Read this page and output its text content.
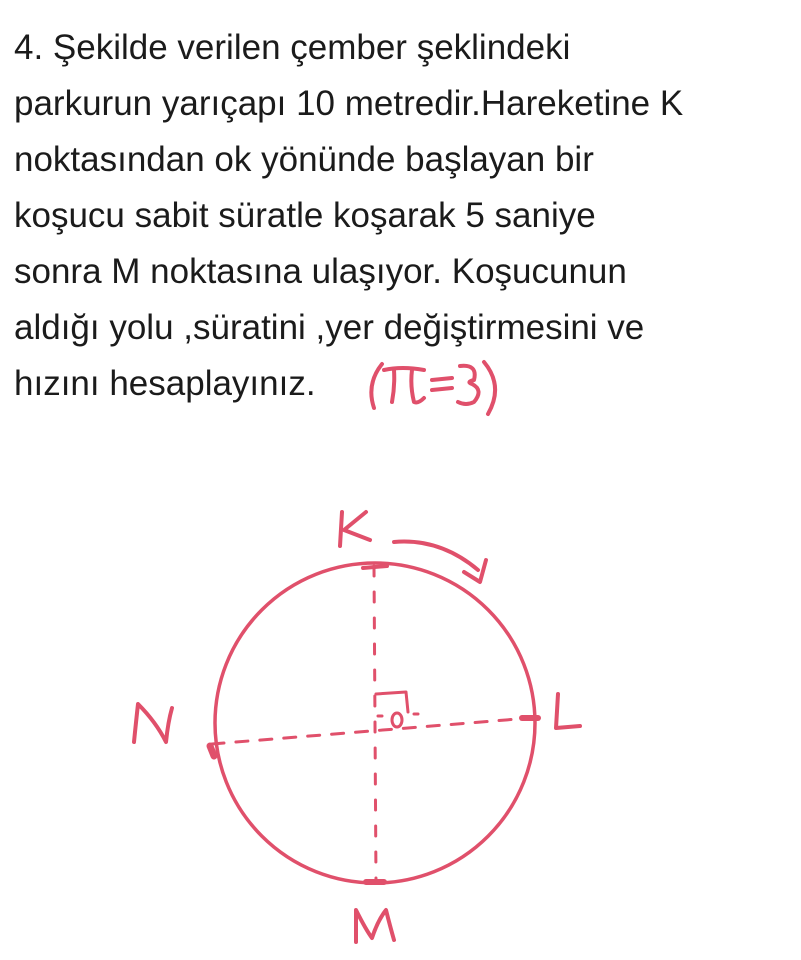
4. Şekilde verilen çember şeklindeki
parkurun yarıçapı 10 metredir.Hareketine K
noktasından ok yönünde başlayan bir
koşucu sabit süratle koşarak 5 saniye
sonra M noktasına ulaşıyor. Koşucunun
aldığı yolu ,süratini ,yer değiştirmesini ve
hızını hesaplayınız.
